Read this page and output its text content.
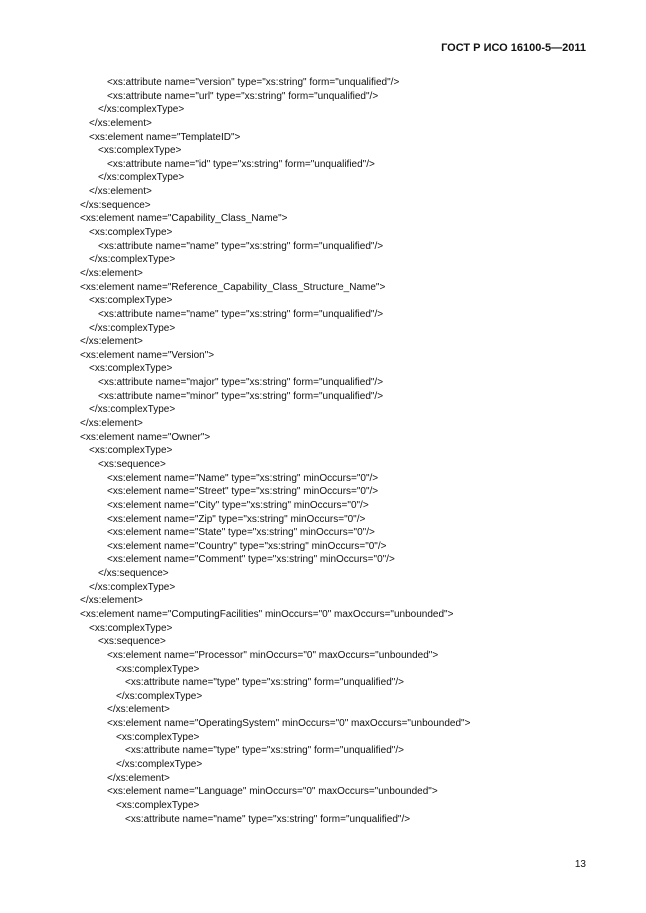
ГОСТ Р ИСО 16100-5—2011
<xs:attribute name="version" type="xs:string" form="unqualified"/>
<xs:attribute name="url" type="xs:string" form="unqualified"/>
</xs:complexType>
</xs:element>
<xs:element name="TemplateID">
<xs:complexType>
<xs:attribute name="id" type="xs:string" form="unqualified"/>
</xs:complexType>
</xs:element>
</xs:sequence>
<xs:element name="Capability_Class_Name">
<xs:complexType>
<xs:attribute name="name" type="xs:string" form="unqualified"/>
</xs:complexType>
</xs:element>
<xs:element name="Reference_Capability_Class_Structure_Name">
<xs:complexType>
<xs:attribute name="name" type="xs:string" form="unqualified"/>
</xs:complexType>
</xs:element>
<xs:element name="Version">
<xs:complexType>
<xs:attribute name="major" type="xs:string" form="unqualified"/>
<xs:attribute name="minor" type="xs:string" form="unqualified"/>
</xs:complexType>
</xs:element>
<xs:element name="Owner">
<xs:complexType>
<xs:sequence>
<xs:element name="Name" type="xs:string" minOccurs="0"/>
<xs:element name="Street" type="xs:string" minOccurs="0"/>
<xs:element name="City" type="xs:string" minOccurs="0"/>
<xs:element name="Zip" type="xs:string" minOccurs="0"/>
<xs:element name="State" type="xs:string" minOccurs="0"/>
<xs:element name="Country" type="xs:string" minOccurs="0"/>
<xs:element name="Comment" type="xs:string" minOccurs="0"/>
</xs:sequence>
</xs:complexType>
</xs:element>
<xs:element name="ComputingFacilities" minOccurs="0" maxOccurs="unbounded">
<xs:complexType>
<xs:sequence>
<xs:element name="Processor" minOccurs="0" maxOccurs="unbounded">
<xs:complexType>
<xs:attribute name="type" type="xs:string" form="unqualified"/>
</xs:complexType>
</xs:element>
<xs:element name="OperatingSystem" minOccurs="0" maxOccurs="unbounded">
<xs:complexType>
<xs:attribute name="type" type="xs:string" form="unqualified"/>
</xs:complexType>
</xs:element>
<xs:element name="Language" minOccurs="0" maxOccurs="unbounded">
<xs:complexType>
<xs:attribute name="name" type="xs:string" form="unqualified"/>
13
